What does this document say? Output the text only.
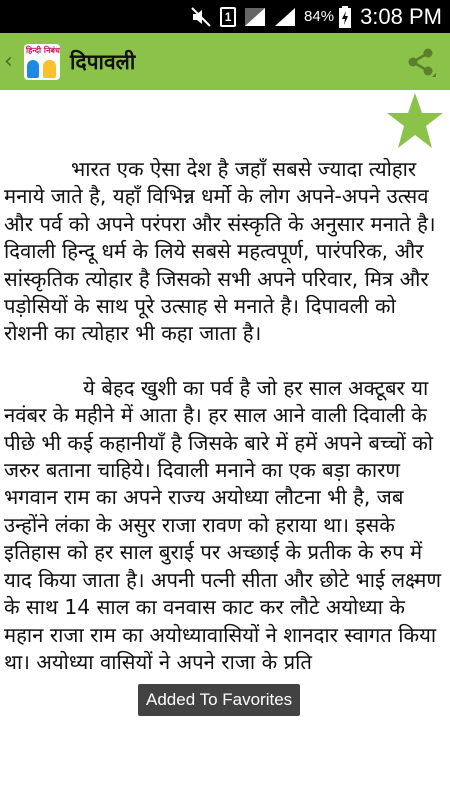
1	84% 3:08 PM
‹	हिन्दी निबंध दिपावली

भारत एक ऐसा देश है जहाँ सबसे ज्यादा त्योहार मनाये जाते है, यहाँ विभिन्न धर्मो के लोग अपने-अपने उत्सव और पर्व को अपने परंपरा और संस्कृति के अनुसार मनाते है। दिवाली हिन्दू धर्म के लिये सबसे महत्वपूर्ण, पारंपरिक, और सांस्कृतिक त्योहार है जिसको सभी अपने परिवार, मित्र और पड़ोसियों के साथ पूरे उत्साह से मनाते है। दिपावली को रोशनी का त्योहार भी कहा जाता है।

ये बेहद खुशी का पर्व है जो हर साल अक्टूबर या नवंबर के महीने में आता है। हर साल आने वाली दिवाली के पीछे भी कई कहानीयाँ है जिसके बारे में हमें अपने बच्चों को जरुर बताना चाहिये। दिवाली मनाने का एक बड़ा कारण भगवान राम का अपने राज्य अयोध्या लौटना भी है, जब उन्होंने लंका के असुर राजा रावण को हराया था। इसके इतिहास को हर साल बुराई पर अच्छाई के प्रतीक के रुप में याद किया जाता है। अपनी पत्नी सीता और छोटे भाई लक्ष्मण के साथ 14 साल का वनवास काट कर लौटे अयोध्या के महान राजा राम का अयोध्यावासियों ने शानदार स्वागत किया था। अयोध्या वासियों ने अपने राजा के प्रति

Added To Favorites
